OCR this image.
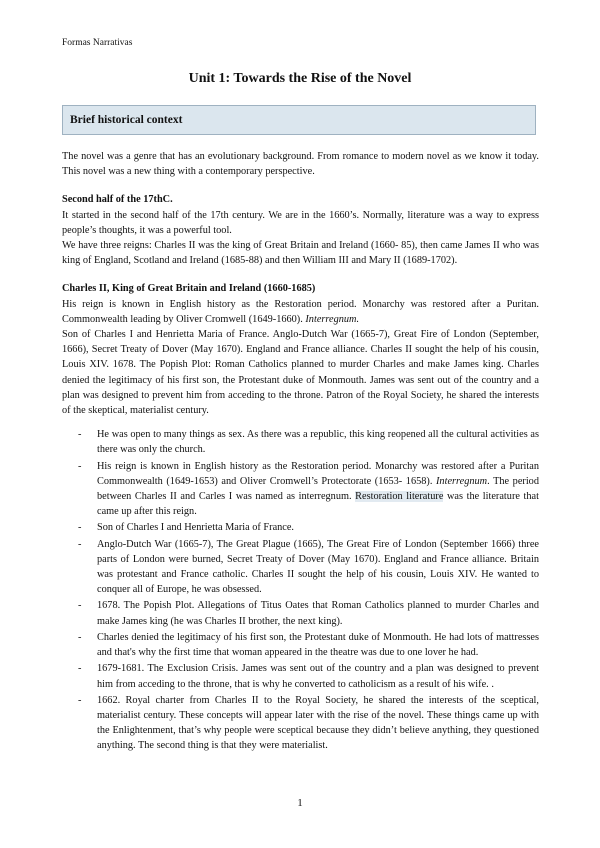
Formas Narrativas
Unit 1: Towards the Rise of the Novel
Brief historical context

The novel was a genre that has an evolutionary background. From romance to modern novel as we know it today. This novel was a new thing with a contemporary perspective.

Second half of the 17thC.

It started in the second half of the 17th century. We are in the 1660’s. Normally, literature was a way to express people’s thoughts, it was a powerful tool.

We have three reigns: Charles II was the king of Great Britain and Ireland (1660- 85), then came James II who was king of England, Scotland and Ireland (1685-88) and then William III and Mary II (1689-1702).

Charles II, King of Great Britain and Ireland (1660-1685)

His reign is known in English history as the Restoration period. Monarchy was restored after a Puritan. Commonwealth leading by Oliver Cromwell (1649-1660). Interregnum.

Son of Charles I and Henrietta Maria of France. Anglo-Dutch War (1665-7), Great Fire of London (September, 1666), Secret Treaty of Dover (May 1670). England and France alliance. Charles II sought the help of his cousin, Louis XIV. 1678. The Popish Plot: Roman Catholics planned to murder Charles and make James king. Charles denied the legitimacy of his first son, the Protestant duke of Monmouth. James was sent out of the country and a plan was designed to prevent him from acceding to the throne. Patron of the Royal Society, he shared the interests of the skeptical, materialist century.

- He was open to many things as sex. As there was a republic, this king reopened all the cultural activities as there was only the church.
- His reign is known in English history as the Restoration period. Monarchy was restored after a Puritan Commonwealth (1649-1653) and Oliver Cromwell’s Protectorate (1653- 1658). Interregnum. The period between Charles II and Carles I was named as interregnum. Restoration literature was the literature that came up after this reign.
- Son of Charles I and Henrietta Maria of France.
- Anglo-Dutch War (1665-7), The Great Plague (1665), The Great Fire of London (September 1666) three parts of London were burned, Secret Treaty of Dover (May 1670). England and France alliance. Britain was protestant and France catholic. Charles II sought the help of his cousin, Louis XIV. He wanted to conquer all of Europe, he was obsessed.
- 1678. The Popish Plot. Allegations of Titus Oates that Roman Catholics planned to murder Charles and make James king (he was Charles II brother, the next king).
- Charles denied the legitimacy of his first son, the Protestant duke of Monmouth. He had lots of mattresses and that's why the first time that woman appeared in the theatre was due to one lover he had.
- 1679-1681. The Exclusion Crisis. James was sent out of the country and a plan was designed to prevent him from acceding to the throne, that is why he converted to catholicism as a result of his wife. .
- 1662. Royal charter from Charles II to the Royal Society, he shared the interests of the sceptical, materialist century. These concepts will appear later with the rise of the novel. These things came up with the Enlightenment, that’s why people were sceptical because they didn’t believe anything, they questioned anything. The second thing is that they were materialist.
1
